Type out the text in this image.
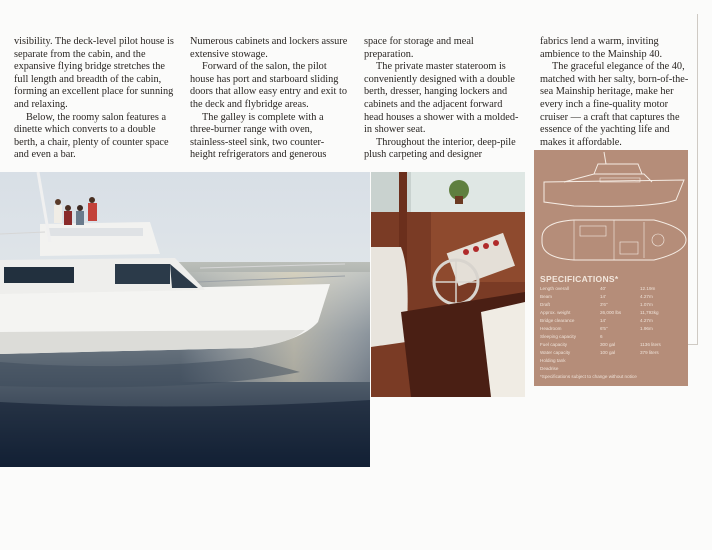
visibility. The deck-level pilot house is separate from the cabin, and the expansive flying bridge stretches the full length and breadth of the cabin, forming an excellent place for sunning and relaxing.

Below, the roomy salon features a dinette which converts to a double berth, a chair, plenty of counter space and even a bar.

Numerous cabinets and lockers assure extensive stowage.

Forward of the salon, the pilot house has port and starboard sliding doors that allow easy entry and exit to the deck and flybridge areas.

The galley is complete with a three-burner range with oven, stainless-steel sink, two counter-height refrigerators and generous

space for storage and meal preparation.

The private master stateroom is conveniently designed with a double berth, dresser, hanging lockers and cabinets and the adjacent forward head houses a shower with a molded-in shower seat.

Throughout the interior, deep-pile plush carpeting and designer

fabrics lend a warm, inviting ambience to the Mainship 40.

The graceful elegance of the 40, matched with her salty, born-of-the-sea Mainship heritage, make her every inch a fine-quality motor cruiser — a craft that captures the essence of the yachting life and makes it affordable.

SPECIFICATIONS*
Length overall	40'	12.19m
Beam	14'	4.27m
Draft	3'6"	1.07m
Approx. weight	26,000 lbs	11,793kg
Bridge clearance	14'	4.27m
Headroom	6'5"	1.96m
Sleeping capacity	6
Fuel capacity	300 gal	1136 liters
Water capacity	100 gal	379 liters
Holding tank
Deadrise
*Specifications subject to change without notice
